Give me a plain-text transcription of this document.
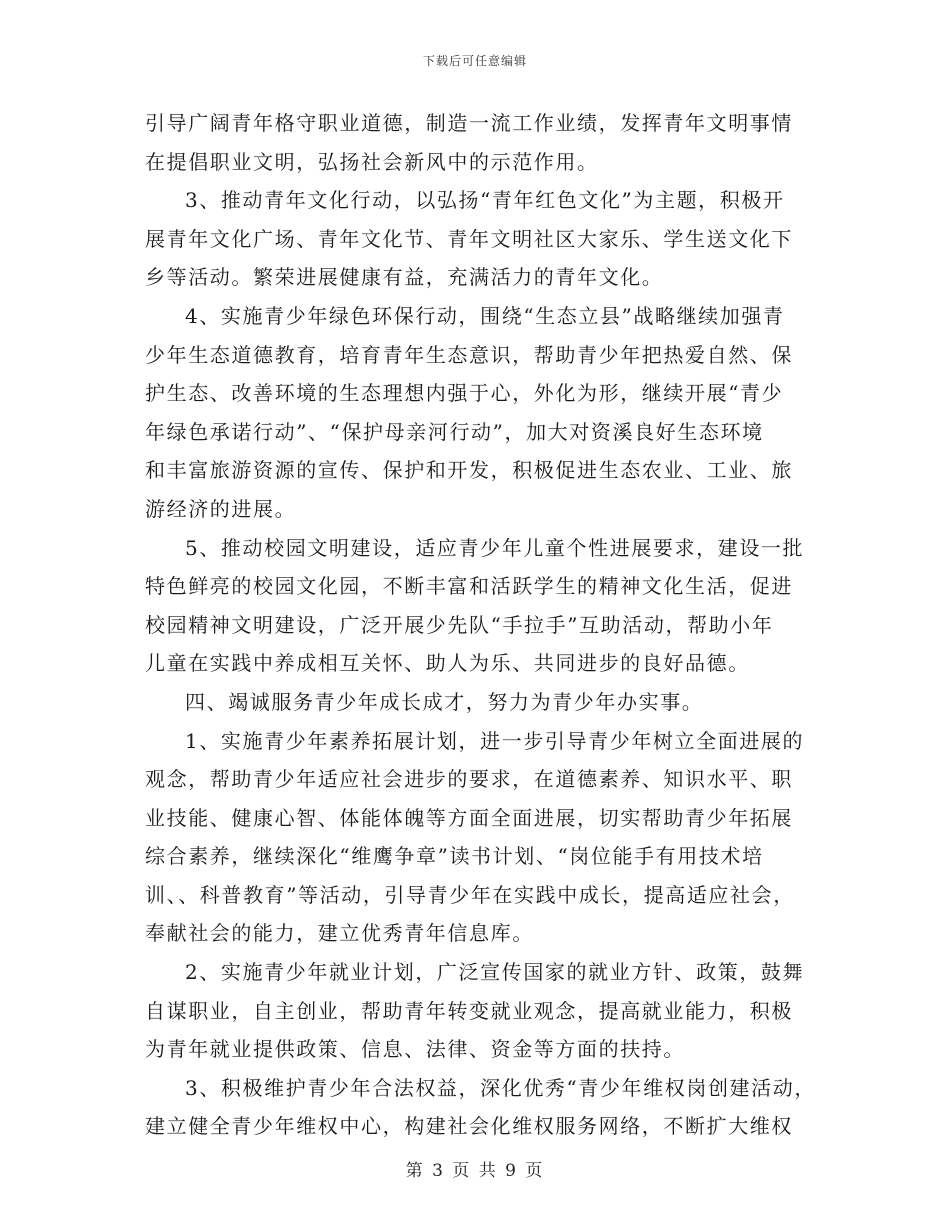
下载后可任意编辑
引导广阔青年格守职业道德，制造一流工作业绩，发挥青年文明事情
在提倡职业文明，弘扬社会新风中的示范作用。
3、推动青年文化行动，以弘扬“青年红色文化”为主题，积极开
展青年文化广场、青年文化节、青年文明社区大家乐、学生送文化下
乡等活动。繁荣进展健康有益，充满活力的青年文化。
4、实施青少年绿色环保行动，围绕“生态立县”战略继续加强青
少年生态道德教育，培育青年生态意识，帮助青少年把热爱自然、保
护生态、改善环境的生态理想内强于心，外化为形，继续开展“青少
年绿色承诺行动”、“保护母亲河行动”，加大对资溪良好生态环境
和丰富旅游资源的宣传、保护和开发，积极促进生态农业、工业、旅
游经济的进展。
5、推动校园文明建设，适应青少年儿童个性进展要求，建设一批
特色鲜亮的校园文化园，不断丰富和活跃学生的精神文化生活，促进
校园精神文明建设，广泛开展少先队“手拉手”互助活动，帮助小年
儿童在实践中养成相互关怀、助人为乐、共同进步的良好品德。
四、竭诚服务青少年成长成才，努力为青少年办实事。
1、实施青少年素养拓展计划，进一步引导青少年树立全面进展的
观念，帮助青少年适应社会进步的要求，在道德素养、知识水平、职
业技能、健康心智、体能体魄等方面全面进展，切实帮助青少年拓展
综合素养，继续深化“维鹰争章”读书计划、“岗位能手有用技术培
训、、科普教育”等活动，引导青少年在实践中成长，提高适应社会，
奉献社会的能力，建立优秀青年信息库。
2、实施青少年就业计划，广泛宣传国家的就业方针、政策，鼓舞
自谋职业，自主创业，帮助青年转变就业观念，提高就业能力，积极
为青年就业提供政策、信息、法律、资金等方面的扶持。
3、积极维护青少年合法权益，深化优秀“青少年维权岗创建活动，
建立健全青少年维权中心，构建社会化维权服务网络，不断扩大维权
第 3 页 共 9 页
